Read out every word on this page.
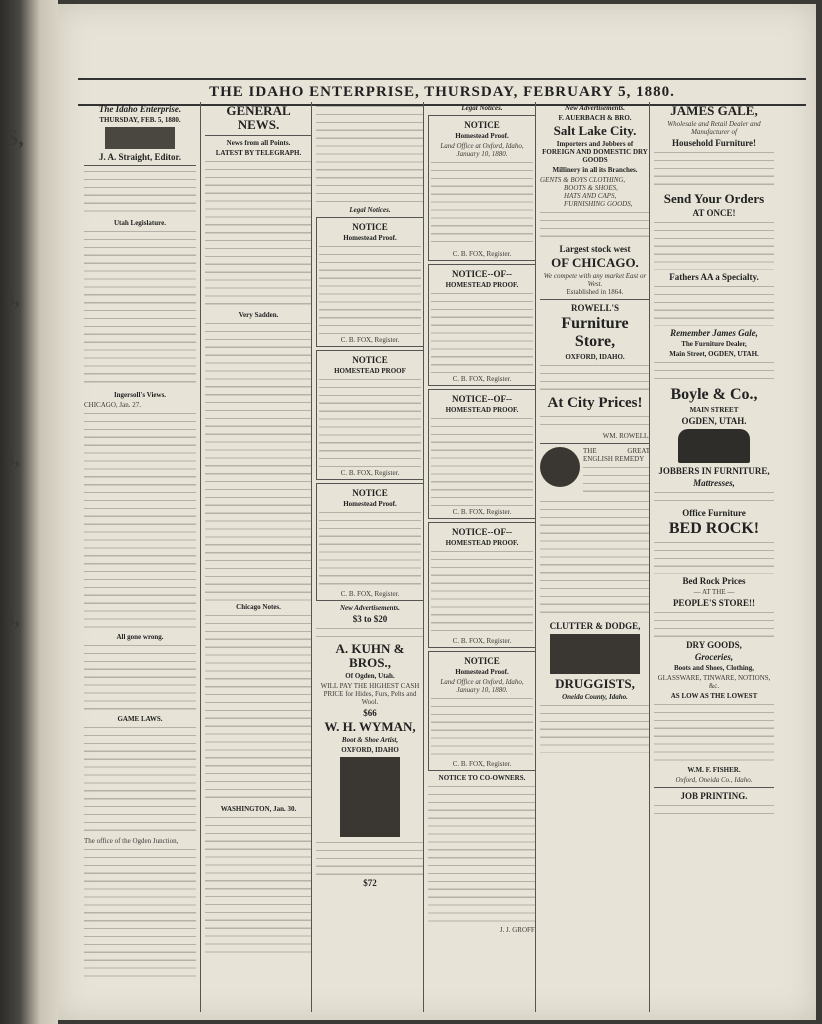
S,
s,
s,
s,
THE IDAHO ENTERPRISE, THURSDAY, FEBRUARY 5, 1880.
The Idaho Enterprise.
THURSDAY, FEB. 5, 1880.
J. A. Straight, Editor.
Utah Legislature.
Ingersoll's Views.
CHICAGO, Jan. 27.
All gone wrong.
GAME LAWS.
The office of the Ogden Junction,
GENERAL NEWS.
News from all Points.
LATEST BY TELEGRAPH.
Very Sadden.
Chicago Notes.
WASHINGTON, Jan. 30.
Legal Notices.
NOTICE
Homestead Proof.
C. B. FOX, Register.
NOTICE
HOMESTEAD PROOF
C. B. FOX, Register.
NOTICE
Homestead Proof.
C. B. FOX, Register.
New Advertisements.
$3 to $20
A. KUHN & BROS.,
Of Ogden, Utah.
WILL PAY THE HIGHEST CASH PRICE for Hides, Furs, Pelts and Wool.
$66
W. H. WYMAN,
Boot & Shoe Artist,
OXFORD, IDAHO
$72
Legal Notices.
NOTICE
Homestead Proof.
Land Office at Oxford, Idaho,
January 10, 1880.
C. B. FOX, Register.
NOTICE--OF--
HOMESTEAD PROOF.
C. B. FOX, Register.
NOTICE--OF--
HOMESTEAD PROOF.
C. B. FOX, Register.
NOTICE--OF--
HOMESTEAD PROOF.
C. B. FOX, Register.
NOTICE
Homestead Proof.
Land Office at Oxford, Idaho,
January 10, 1880.
C. B. FOX, Register.
NOTICE TO CO-OWNERS.
J. J. GROFF.
New Advertisements.
F. AUERBACH & BRO.
Salt Lake City.
Importers and Jobbers of FOREIGN AND DOMESTIC DRY GOODS
Millinery in all its Branches.
GENTS & BOYS CLOTHING,
BOOTS & SHOES,
HATS AND CAPS,
FURNISHING GOODS,
Largest stock west
OF CHICAGO.
We compete with any market East or West.
Established in 1864.
ROWELL'S
Furniture Store,
OXFORD, IDAHO.
At City Prices!
WM. ROWELL,
THE GREAT ENGLISH REMEDY
CLUTTER & DODGE,
DRUGGISTS,
Oneida County, Idaho.
JAMES GALE,
Wholesale and Retail Dealer and Manufacturer of
Household Furniture!
Send Your Orders
AT ONCE!
Fathers AA a Specialty.
Remember James Gale,
The Furniture Dealer,
Main Street, OGDEN, UTAH.
Boyle & Co.,
MAIN STREET
OGDEN, UTAH.
JOBBERS IN FURNITURE,
Mattresses,
Office Furniture
BED ROCK!
Bed Rock Prices
— AT THE —
PEOPLE'S STORE!!
DRY GOODS,
Groceries,
Boots and Shoes, Clothing,
GLASSWARE, TINWARE, NOTIONS, &c.
AS LOW AS THE LOWEST
W.M. F. FISHER.
Oxford, Oneida Co., Idaho.
JOB PRINTING.
